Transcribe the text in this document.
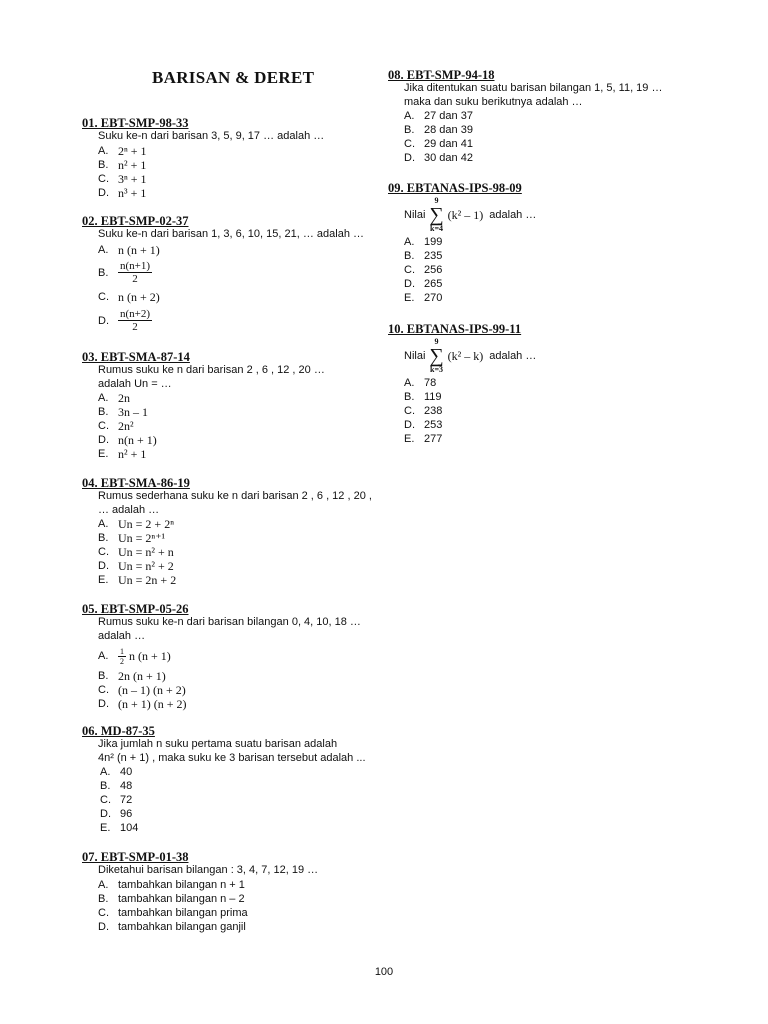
BARISAN & DERET
01. EBT-SMP-98-33
Suku ke-n dari barisan 3, 5, 9, 17 … adalah …
A. 2ⁿ + 1
B. n² + 1
C. 3ⁿ + 1
D. n³ + 1
02. EBT-SMP-02-37
Suku ke-n dari barisan 1, 3, 6, 10, 15, 21, … adalah …
A. n (n + 1)
B. $\frac{n(n+1)}{2}$
C. n (n + 2)
D. $\frac{n(n+2)}{2}$
03. EBT-SMA-87-14
Rumus suku ke n dari barisan 2 , 6 , 12 , 20 …
adalah Un = …
A. 2n
B. 3n – 1
C. 2n²
D. n(n + 1)
E. n² + 1
04. EBT-SMA-86-19
Rumus sederhana suku ke n dari barisan 2 , 6 , 12 , 20 ,
… adalah …
A. Un = 2 + 2ⁿ
B. Un = 2ⁿ⁺¹
C. Un = n² + n
D. Un = n² + 2
E. Un = 2n + 2
05. EBT-SMP-05-26
Rumus suku ke-n dari barisan bilangan 0, 4, 10, 18 …
adalah …
A.	$\frac{1}{2}$ n (n + 1)
B. 2n (n + 1)
C. (n – 1) (n + 2)
D. (n + 1) (n + 2)
06. MD-87-35
Jika jumlah n suku pertama suatu barisan adalah
4n² (n + 1) , maka suku ke 3 barisan tersebut adalah ...
A. 40
B. 48
C. 72
D. 96
E. 104
07. EBT-SMP-01-38
Diketahui barisan bilangan : 3, 4, 7, 12, 19 …
A. tambahkan bilangan n + 1
B. tambahkan bilangan n – 2
C. tambahkan bilangan prima
D. tambahkan bilangan ganjil
08. EBT-SMP-94-18
Jika ditentukan suatu barisan bilangan 1, 5, 11, 19 …
maka dan suku berikutnya adalah …
A. 27 dan 37
B. 28 dan 39
C. 29 dan 41
D. 30 dan 42
09. EBTANAS-IPS-98-09
Nilai
9
∑
k=4
(k² – 1) adalah …
A. 199
B. 235
C. 256
D. 265
E. 270
10. EBTANAS-IPS-99-11
Nilai
9
∑
k=3
(k² – k) adalah …
A. 78
B. 119
C. 238
D. 253
E. 277
100
